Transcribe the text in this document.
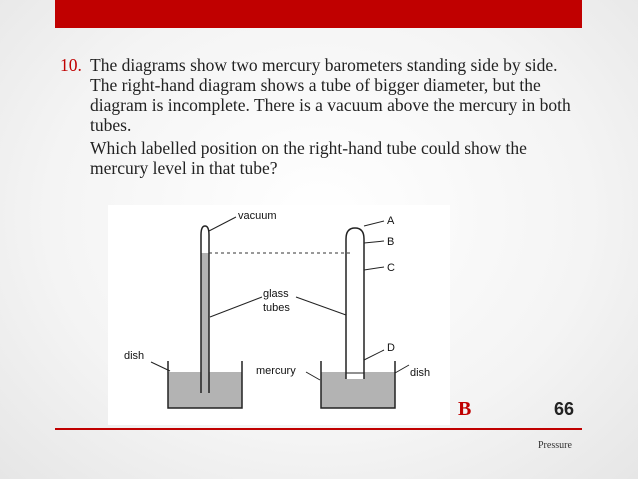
10. The diagrams show two mercury barometers standing side by side. The right-hand diagram shows a tube of bigger diameter, but the diagram is incomplete. There is a vacuum above the mercury in both tubes.
Which labelled position on the right-hand tube could show the mercury level in that tube?
vacuum
glass
tubes
dish
mercury	dish
A
B
C
D
B	66
Pressure
